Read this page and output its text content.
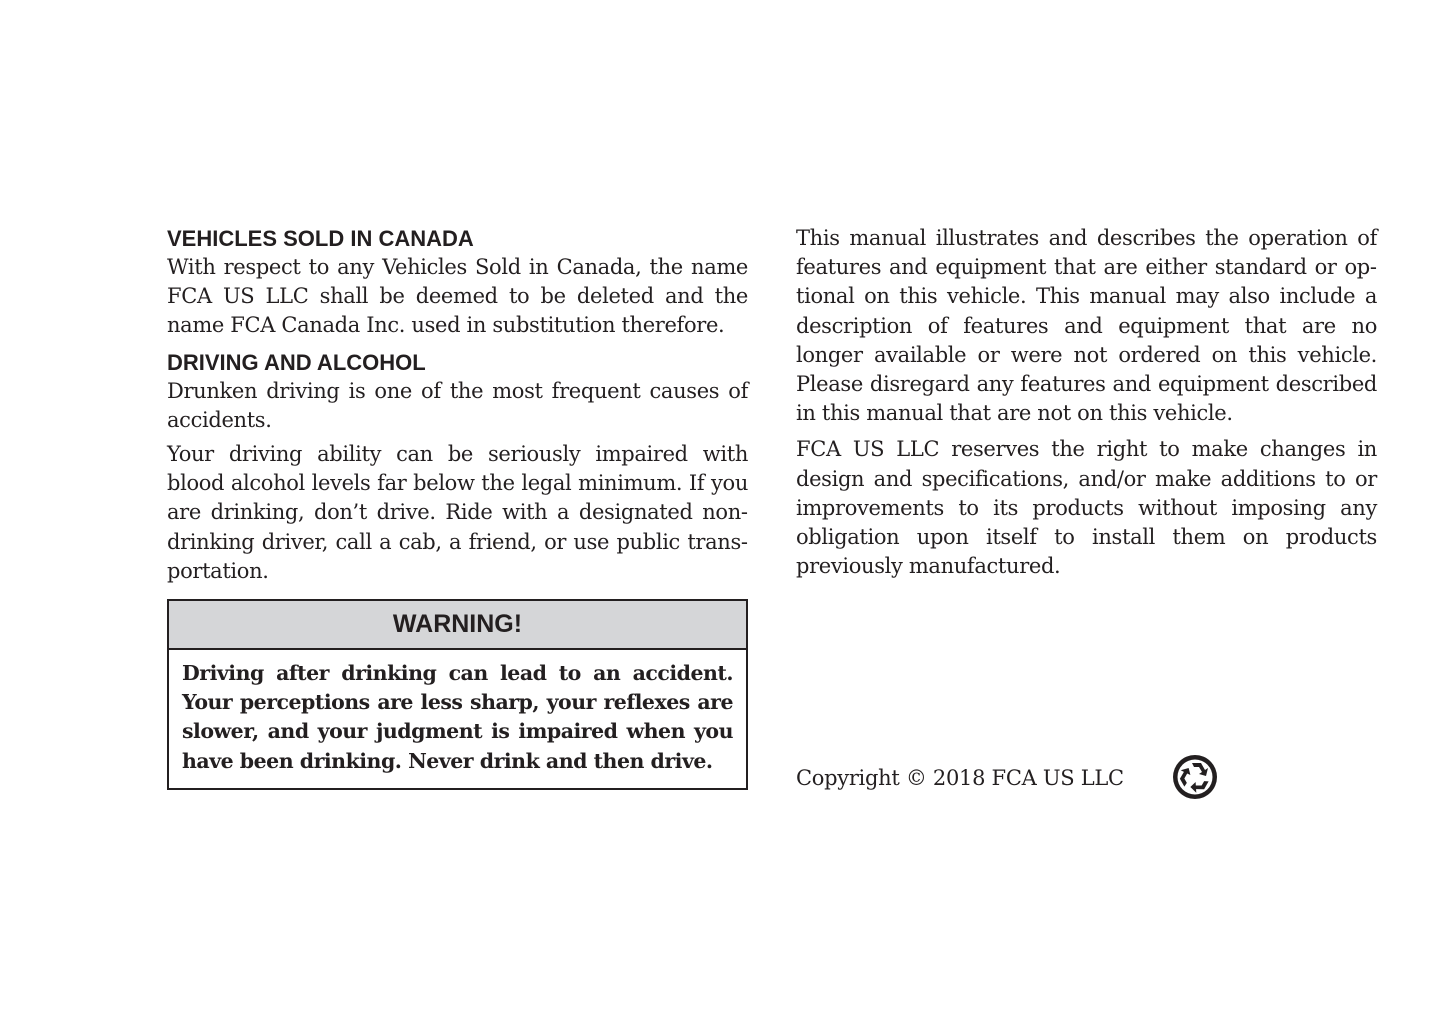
VEHICLES SOLD IN CANADA

With respect to any Vehicles Sold in Canada, the name FCA US LLC shall be deemed to be deleted and the name FCA Canada Inc. used in substitution therefore.

DRIVING AND ALCOHOL

Drunken driving is one of the most frequent causes of accidents.

Your driving ability can be seriously impaired with blood alcohol levels far below the legal minimum. If you are drinking, don’t drive. Ride with a designated nondrinking driver, call a cab, a friend, or use public transportation.

WARNING!
Driving after drinking can lead to an accident. Your perceptions are less sharp, your reflexes are slower, and your judgment is impaired when you have been drinking. Never drink and then drive.

This manual illustrates and describes the operation of features and equipment that are either standard or optional on this vehicle. This manual may also include a description of features and equipment that are no longer available or were not ordered on this vehicle. Please disregard any features and equipment described in this manual that are not on this vehicle.

FCA US LLC reserves the right to make changes in design and specifications, and/or make additions to or improvements to its products without imposing any obligation upon itself to install them on products previously manufactured.

Copyright © 2018 FCA US LLC
